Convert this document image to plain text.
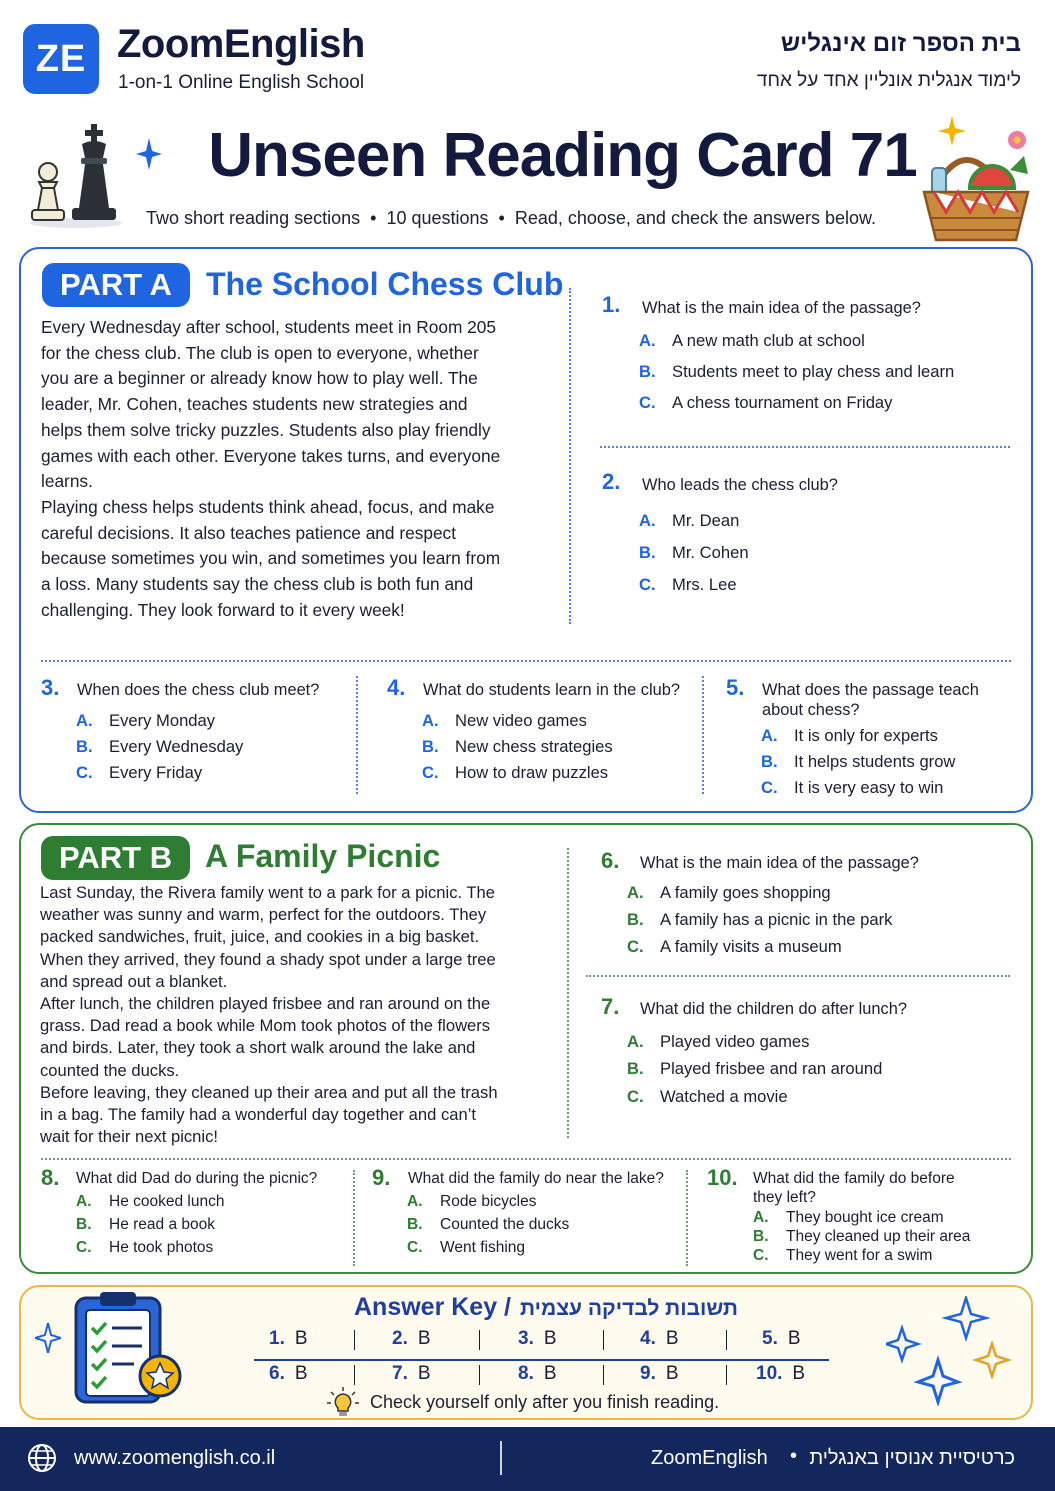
ZE ZoomEnglish
1-on-1 Online English School
בית הספר זום אינגליש
לימוד אנגלית אונליין אחד על אחד
Unseen Reading Card 71
Two short reading sections • 10 questions • Read, choose, and check the answers below.
PART A	The School Chess Club

Every Wednesday after school, students meet in Room 205 for the chess club. The club is open to everyone, whether you are a beginner or already know how to play well. The leader, Mr. Cohen, teaches students new strategies and helps them solve tricky puzzles. Students also play friendly games with each other. Everyone takes turns, and everyone learns.

Playing chess helps students think ahead, focus, and make careful decisions. It also teaches patience and respect because sometimes you win, and sometimes you learn from a loss. Many students say the chess club is both fun and challenging. They look forward to it every week!

1. What is the main idea of the passage?
A. A new math club at school
B. Students meet to play chess and learn
C. A chess tournament on Friday
2. Who leads the chess club?
A. Mr. Dean
B. Mr. Cohen
C. Mrs. Lee
3. When does the chess club meet?
A. Every Monday
B. Every Wednesday
C. Every Friday
4. What do students learn in the club?
A. New video games
B. New chess strategies
C. How to draw puzzles
5. What does the passage teach about chess?
A. It is only for experts
B. It helps students grow
C. It is very easy to win
PART B	A Family Picnic

Last Sunday, the Rivera family went to a park for a picnic. The weather was sunny and warm, perfect for the outdoors. They packed sandwiches, fruit, juice, and cookies in a big basket. When they arrived, they found a shady spot under a large tree and spread out a blanket.

After lunch, the children played frisbee and ran around on the grass. Dad read a book while Mom took photos of the flowers and birds. Later, they took a short walk around the lake and counted the ducks.

Before leaving, they cleaned up their area and put all the trash in a bag. The family had a wonderful day together and can’t wait for their next picnic!

6. What is the main idea of the passage?
A. A family goes shopping
B. A family has a picnic in the park
C. A family visits a museum
7. What did the children do after lunch?
A. Played video games
B. Played frisbee and ran around
C. Watched a movie
8. What did Dad do during the picnic?
A. He cooked lunch
B. He read a book
C. He took photos
9. What did the family do near the lake?
A. Rode bicycles
B. Counted the ducks
C. Went fishing
10. What did the family do before they left?
A. They bought ice cream
B. They cleaned up their area
C. They went for a swim
Answer Key / תשובות לבדיקה עצמית
1. B	2. B	3. B	4. B	5. B
6. B	7. B	8. B	9. B	10. B
Check yourself only after you finish reading.
www.zoomenglish.co.il	ZoomEnglish • כרטיסיית אנוסין באנגלית
